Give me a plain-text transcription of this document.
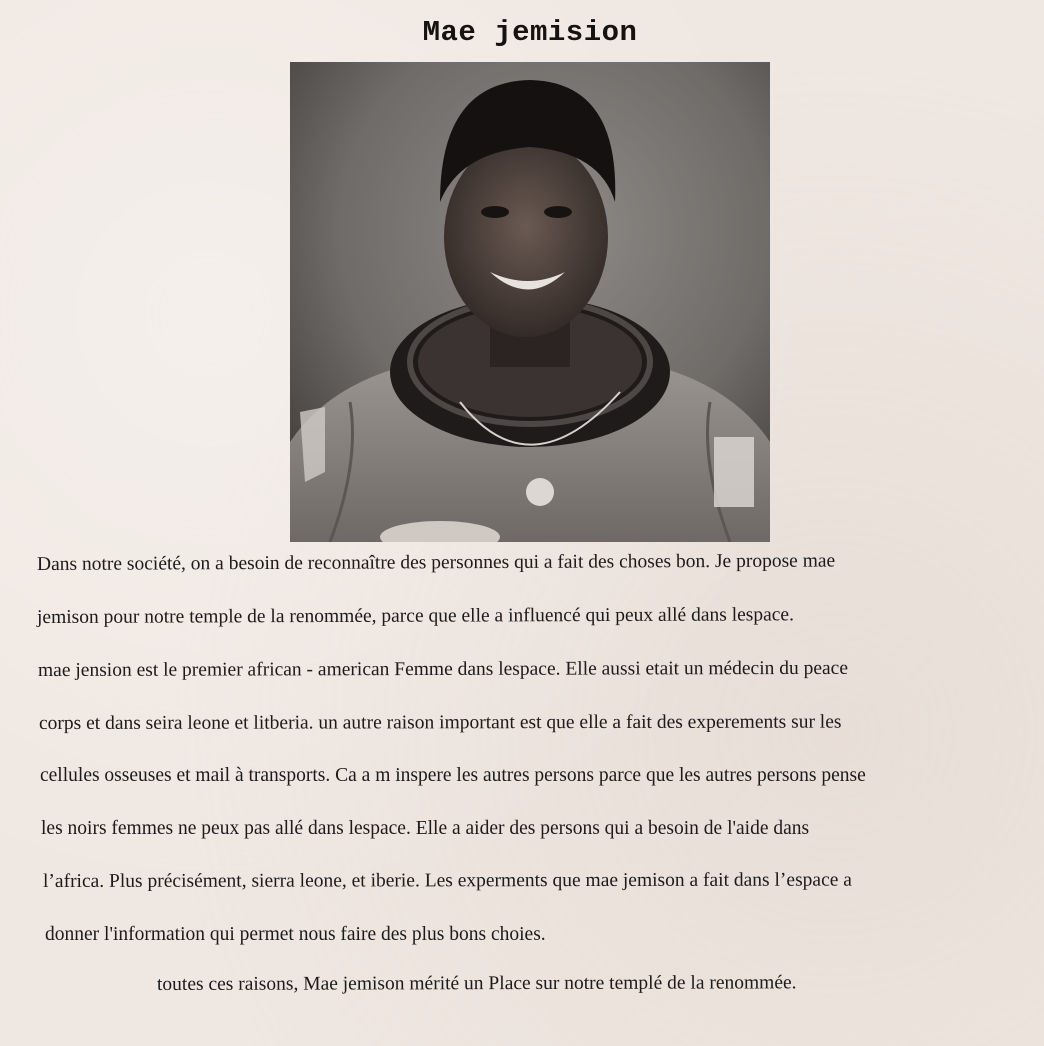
Mae jemision
Dans notre société, on a besoin de reconnaître des personnes qui a fait des choses bon. Je propose mae
jemison pour notre temple de la renommée, parce que elle a influencé qui peux allé dans lespace.
mae jension est le premier african - american Femme dans lespace. Elle aussi etait un médecin du peace
corps et dans seira leone et litberia. un autre raison important est que elle a fait des experements sur les
cellules osseuses et mail à transports. Ca a m inspere les autres persons parce que les autres persons pense
les noirs femmes ne peux pas allé dans lespace. Elle a aider des persons qui a besoin de l'aide dans
l’africa. Plus précisément, sierra leone, et iberie. Les experments que mae jemison a fait dans l’espace a
donner l'information qui permet nous faire des plus bons choies.
toutes ces raisons, Mae jemison mérité un Place sur notre templé de la renommée.
